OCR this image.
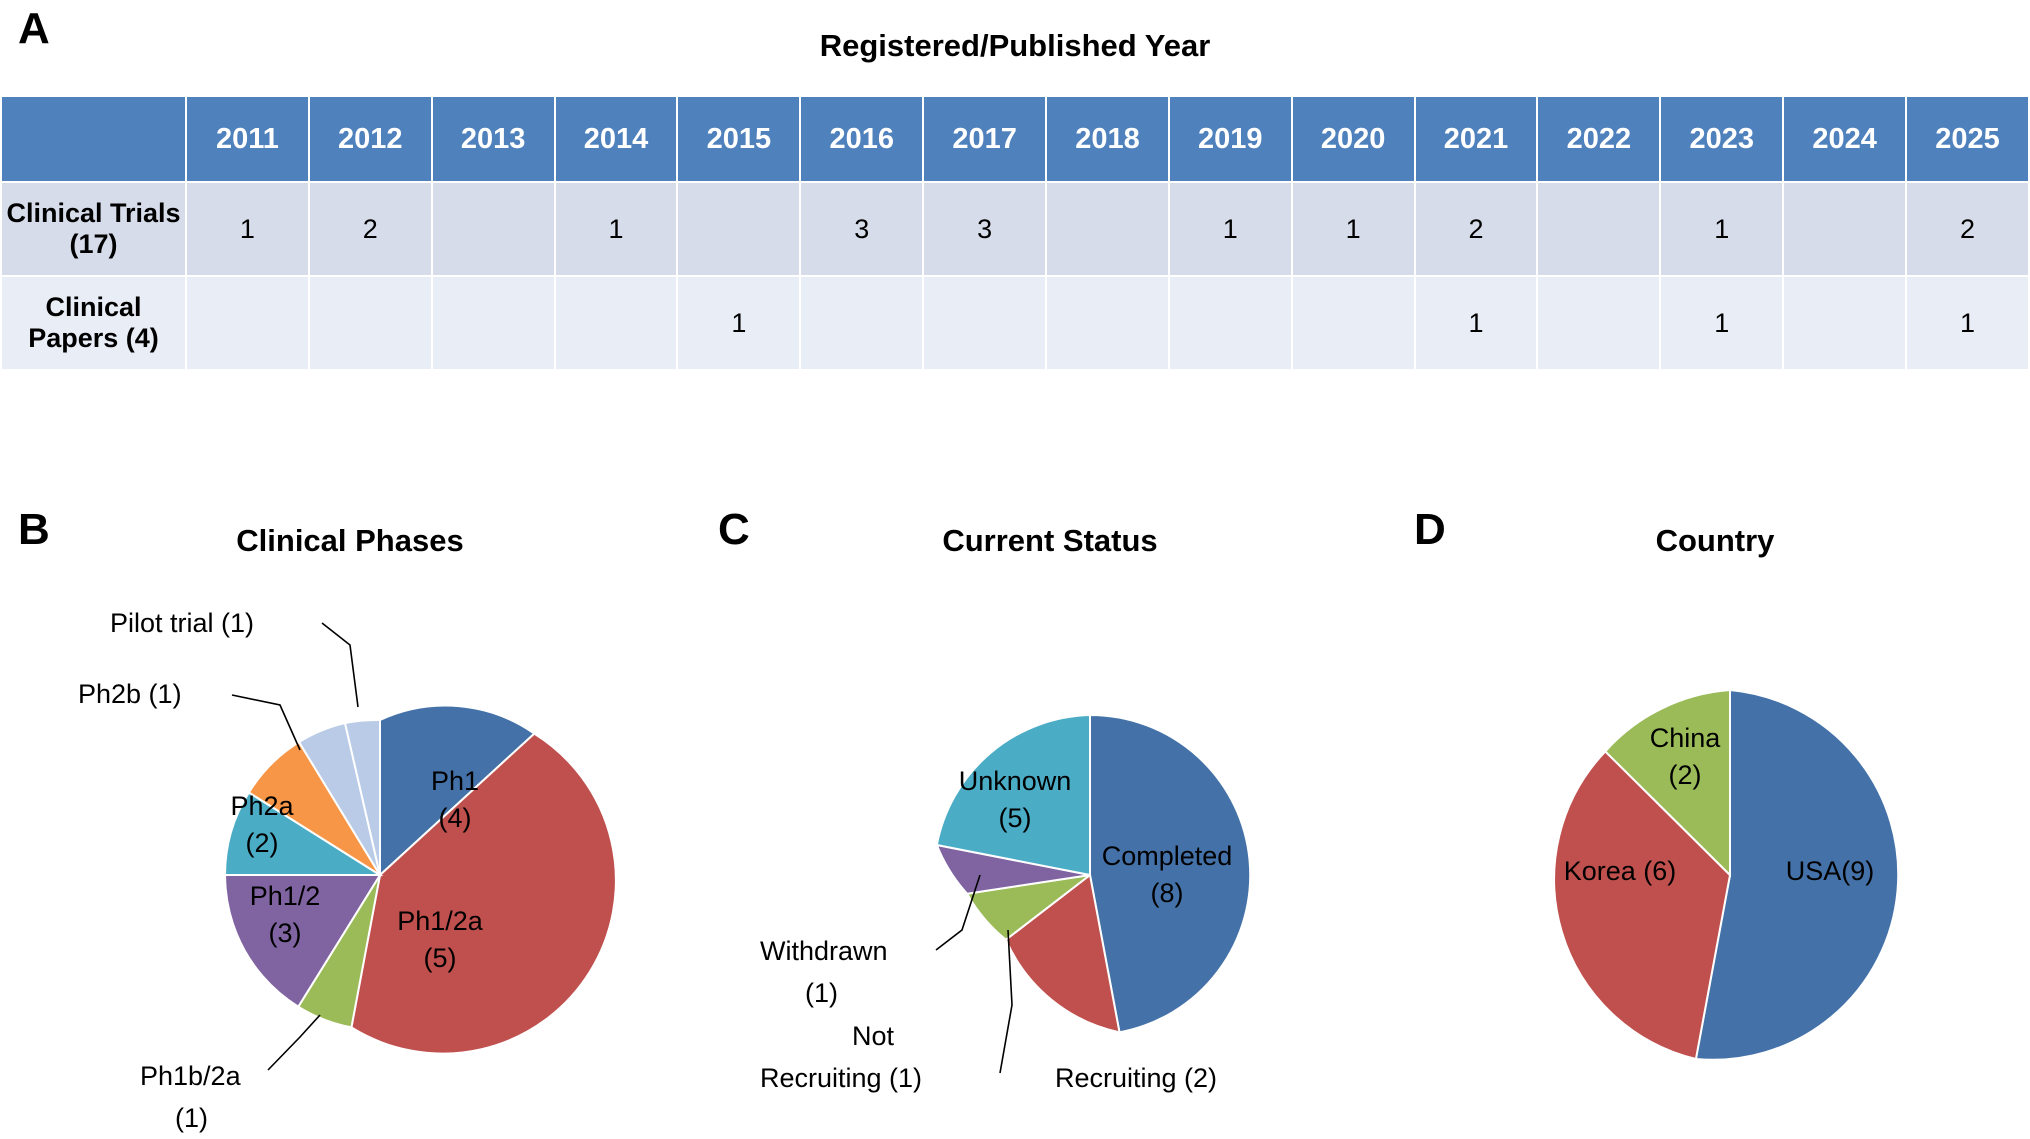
A	Registered/Published Year
	2011	2012	2013	2014	2015	2016	2017	2018	2019	2020	2021	2022	2023	2024	2025
Clinical Trials (17)	1	2		1		3	3		1	1	2		1		2
Clinical Papers (4)					1						1		1		1
B	Clinical Phases
Ph1
(4)
Ph1/2a
(5)
Ph1/2
(3)
Ph2a
(2)
Pilot trial (1)
Ph2b (1)
Ph1b/2a
(1)
C	Current Status
Completed
(8)
Unknown
(5)
Withdrawn
(1)
Not
Recruiting (1)	Recruiting (2)
D	Country
USA(9)
Korea (6)
China
(2)
